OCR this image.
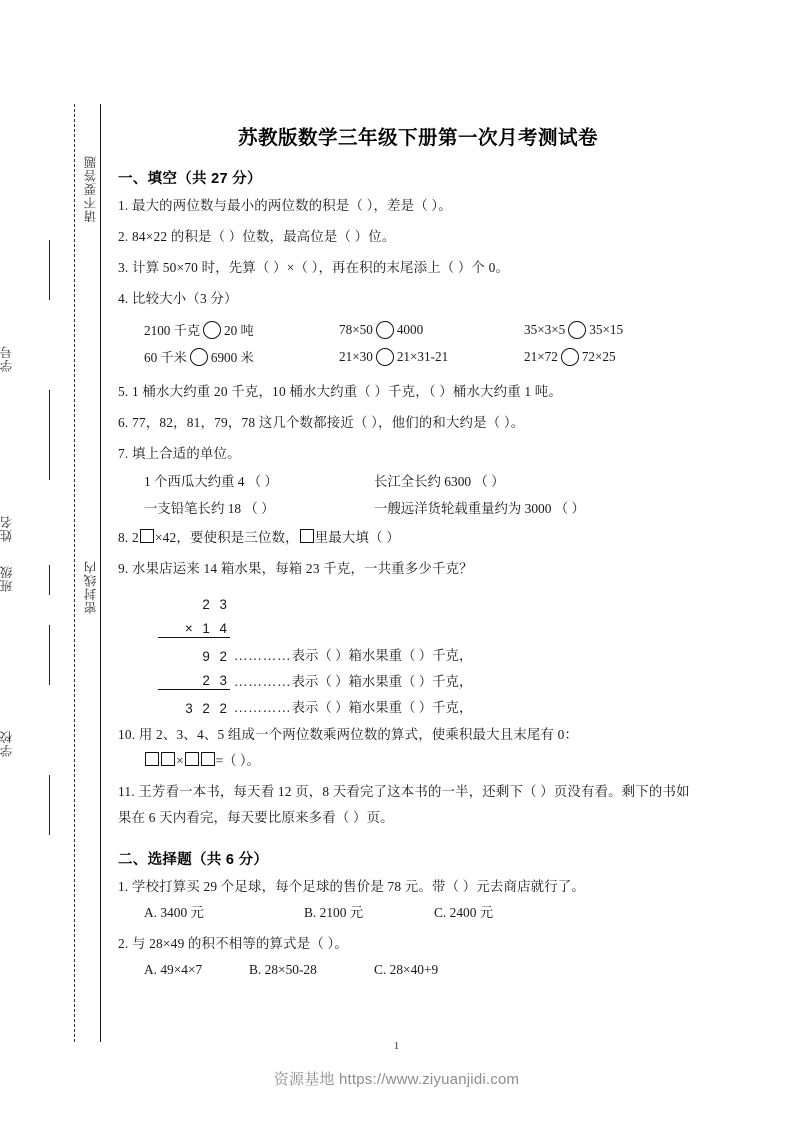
请不要答题
密封线内
学号
姓名
班级
学校
苏教版数学三年级下册第一次月考测试卷
一、填空（共 27 分）
1. 最大的两位数与最小的两位数的积是（ ），差是（ ）。
2. 84×22 的积是（ ）位数，最高位是（ ）位。
3. 计算 50×70 时，先算（ ）×（ ），再在积的末尾添上（ ）个 0。
4. 比较大小（3 分）
2100 千克 20 吨	78×50 4000	35×3×5 35×15
60 千米 6900 米	21×30 21×31-21	21×72 72×25
5. 1 桶水大约重 20 千克，10 桶水大约重（ ）千克，（ ）桶水大约重 1 吨。
6. 77，82，81，79，78 这几个数都接近（ ），他们的和大约是（ ）。
7. 填上合适的单位。
1 个西瓜大约重 4 （ ）	长江全长约 6300 （ ）
一支铅笔长约 18 （ ）	一艘远洋货轮载重量约为 3000 （ ）
8. 2 ×42，要使积是三位数， 里最大填（ ）
9. 水果店运来 14 箱水果，每箱 23 千克，一共重多少千克？
2 3
× 1 4
9 2 …………表示（ ）箱水果重（ ）千克，
2 3 …………表示（ ）箱水果重（ ）千克，
3 2 2 …………表示（ ）箱水果重（ ）千克，
10. 用 2、3、4、5 组成一个两位数乘两位数的算式，使乘积最大且末尾有 0：
× =（ ）。
11. 王芳看一本书，每天看 12 页，8 天看完了这本书的一半，还剩下（ ）页没有看。剩下的书如果在 6 天内看完，每天要比原来多看（ ）页。
二、选择题（共 6 分）
1. 学校打算买 29 个足球，每个足球的售价是 78 元。带（ ）元去商店就行了。
A. 3400 元	B. 2100 元	C. 2400 元
2. 与 28×49 的积不相等的算式是（ ）。
A. 49×4×7	B. 28×50-28	C. 28×40+9
1
资源基地 https://www.ziyuanjidi.com
